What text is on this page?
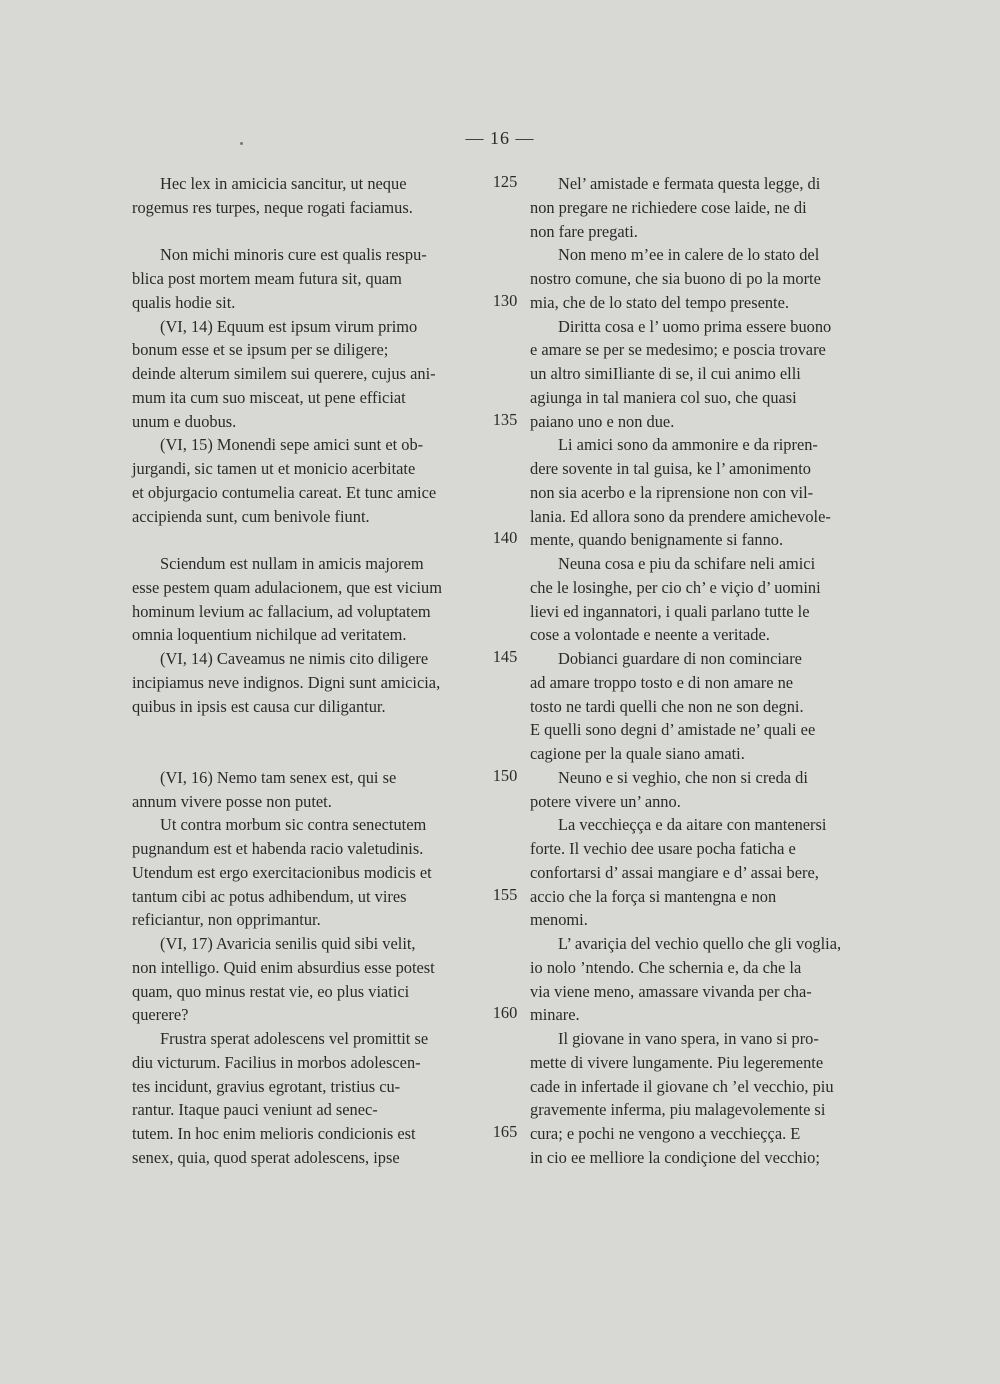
— 16 —
Hec lex in amicicia sancitur, ut neque
rogemus res turpes, neque rogati faciamus.
Non michi minoris cure est qualis respu-
blica post mortem meam futura sit, quam
qualis hodie sit.
(VI, 14) Equum est ipsum virum primo
bonum esse et se ipsum per se diligere;
deinde alterum similem sui querere, cujus ani-
mum ita cum suo misceat, ut pene efficiat
unum e duobus.
(VI, 15) Monendi sepe amici sunt et ob-
jurgandi, sic tamen ut et monicio acerbitate
et objurgacio contumelia careat. Et tunc amice
accipienda sunt, cum benivole fiunt.
Sciendum est nullam in amicis majorem
esse pestem quam adulacionem, que est vicium
hominum levium ac fallacium, ad voluptatem
omnia loquentium nichilque ad veritatem.
(VI, 14) Caveamus ne nimis cito diligere
incipiamus neve indignos. Digni sunt amicicia,
quibus in ipsis est causa cur diligantur.
(VI, 16) Nemo tam senex est, qui se
annum vivere posse non putet.
Ut contra morbum sic contra senectutem
pugnandum est et habenda racio valetudinis.
Utendum est ergo exercitacionibus modicis et
tantum cibi ac potus adhibendum, ut vires
reficiantur, non opprimantur.
(VI, 17) Avaricia senilis quid sibi velit,
non intelligo. Quid enim absurdius esse potest
quam, quo minus restat vie, eo plus viatici
querere?
Frustra sperat adolescens vel promittit se
diu victurum. Facilius in morbos adolescen-
tes incidunt, gravius egrotant, tristius cu-
rantur. Itaque pauci veniunt ad senec-
tutem. In hoc enim melioris condicionis est
senex, quia, quod sperat adolescens, ipse
Nel’ amistade e fermata questa legge, di
non pregare ne richiedere cose laide, ne di
non fare pregati.
Non meno m’ee in calere de lo stato del
nostro comune, che sia buono di po la morte
mia, che de lo stato del tempo presente.
Diritta cosa e l’ uomo prima essere buono
e amare se per se medesimo; e poscia trovare
un altro simiIliante di se, il cui animo elli
agiunga in tal maniera col suo, che quasi
paiano uno e non due.
Li amici sono da ammonire e da ripren-
dere sovente in tal guisa, ke l’ amonimento
non sia acerbo e la riprensione non con vil-
lania. Ed allora sono da prendere amichevole-
mente, quando benignamente si fanno.
Neuna cosa e piu da schifare neli amici
che le losinghe, per cio ch’ e viçio d’ uomini
lievi ed ingannatori, i quali parlano tutte le
cose a volontade e neente a veritade.
Dobianci guardare di non cominciare
ad amare troppo tosto e di non amare ne
tosto ne tardi quelli che non ne son degni.
E quelli sono degni d’ amistade ne’ quali ee
cagione per la quale siano amati.
Neuno e si veghio, che non si creda di
potere vivere un’ anno.
La vecchieçça e da aitare con mantenersi
forte. Il vechio dee usare pocha faticha e
confortarsi d’ assai mangiare e d’ assai bere,
accio che la força si mantengna e non
menomi.
L’ avariçia del vechio quello che gli voglia,
io nolo ’ntendo. Che schernia e, da che la
via viene meno, amassare vivanda per cha-
minare.
Il giovane in vano spera, in vano si pro-
mette di vivere lungamente. Piu legeremente
cade in infertade il giovane ch ’el vecchio, piu
gravemente inferma, piu malagevolemente si
cura; e pochi ne vengono a vecchieçça. E
in cio ee melliore la condiçione del vecchio;
125
130
135
140
145
150
155
160
165
